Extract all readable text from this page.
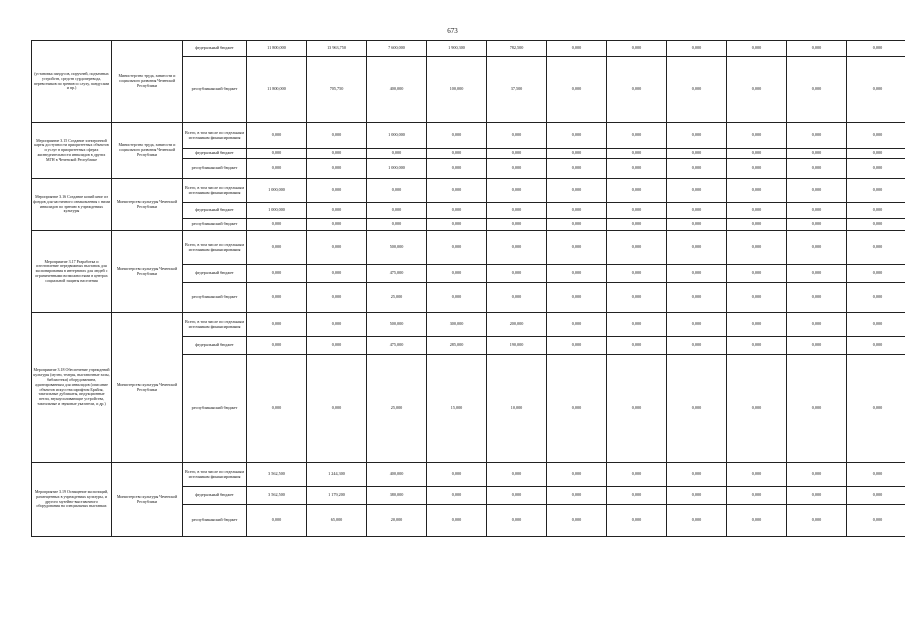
673
(установка пандусов, поручней, подъемных устройств, средств сурдоперевода, перевозчиков по зрению и слуху, пандусами и пр.)	Министерство труда, занятости и социального развития Чеченской Республики	федеральный бюджет	11 800,000	13 963,750	7 600,000	1 900,300	782,500	0,000	0,000	0,000	0,000	0,000	0,000
		республиканский бюджет	11 800,000	705,750	400,000	100,000	37,500	0,000	0,000	0,000	0,000	0,000	0,000
Мероприятие 3.15 Создание электронной карты доступности приоритетных объектов и услуг в приоритетных сферах жизнедеятельности инвалидов в других МГН в Чеченской Республике	Министерство труда, занятости и социального развития Чеченской Республики	Всего, в том числе по отдельным источникам финансирования	0,000	0,000	1 000,000	0,000	0,000	0,000	0,000	0,000	0,000	0,000	0,000
		федеральный бюджет	0,000	0,000	0,000	0,000	0,000	0,000	0,000	0,000	0,000	0,000	0,000
		республиканский бюджет	0,000	0,000	1 000,000	0,000	0,000	0,000	0,000	0,000	0,000	0,000	0,000
Мероприятие 3.16 Создание копий книг из фондов для частичного ознакомления с ними инвалидов по зрению в учреждениях культуры	Министерство культуры Чеченской Республики	Всего, в том числе по отдельным источникам финансирования	1 000,000	0,000	0,000	0,000	0,000	0,000	0,000	0,000	0,000	0,000	0,000
		федеральный бюджет	1 000,000	0,000	0,000	0,000	0,000	0,000	0,000	0,000	0,000	0,000	0,000
		республиканский бюджет	0,000	0,000	0,000	0,000	0,000	0,000	0,000	0,000	0,000	0,000	0,000
Мероприятие 3.17 Разработка и изготовление передвижных выставок для экспонирования в интернатах для людей с ограниченными возможностями в центрах социальной защиты населения	Министерство культуры Чеченской Республики	Всего, в том числе по отдельным источникам финансирования	0,000	0,000	500,000	0,000	0,000	0,000	0,000	0,000	0,000	0,000	0,000
		федеральный бюджет	0,000	0,000	475,000	0,000	0,000	0,000	0,000	0,000	0,000	0,000	0,000
		республиканский бюджет	0,000	0,000	25,000	0,000	0,000	0,000	0,000	0,000	0,000	0,000	0,000
Мероприятие 3.18 Обеспечение учреждений культуры (музеи, театры, выставочные залы, библиотеки) оборудованием, адаптированным для инвалидов (описание объектов искусства шрифтом Брайля, тактильные дубликаты, индукционные петли, звукоусиливающие устройства, тактильные и звуковые указатели, и др.)	Министерство культуры Чеченской Республики	Всего, в том числе по отдельным источникам финансирования	0,000	0,000	500,000	300,000	200,000	0,000	0,000	0,000	0,000	0,000	0,000
		федеральный бюджет	0,000	0,000	475,000	285,000	190,000	0,000	0,000	0,000	0,000	0,000	0,000
		республиканский бюджет	0,000	0,000	25,000	15,000	10,000	0,000	0,000	0,000	0,000	0,000	0,000
Мероприятие 3.19 Оснащение экспозиций, размещенных в учреждениях культуры, и другого музейно-выставочного оборудования на специальных выставках	Министерство культуры Чеченской Республики	Всего, в том числе по отдельным источникам финансирования	3 562,500	1 244,300	400,000	0,000	0,000	0,000	0,000	0,000	0,000	0,000	0,000
		федеральный бюджет	3 562,500	1 179,200	380,000	0,000	0,000	0,000	0,000	0,000	0,000	0,000	0,000
		республиканский бюджет	0,000	65,000	20,000	0,000	0,000	0,000	0,000	0,000	0,000	0,000	0,000
